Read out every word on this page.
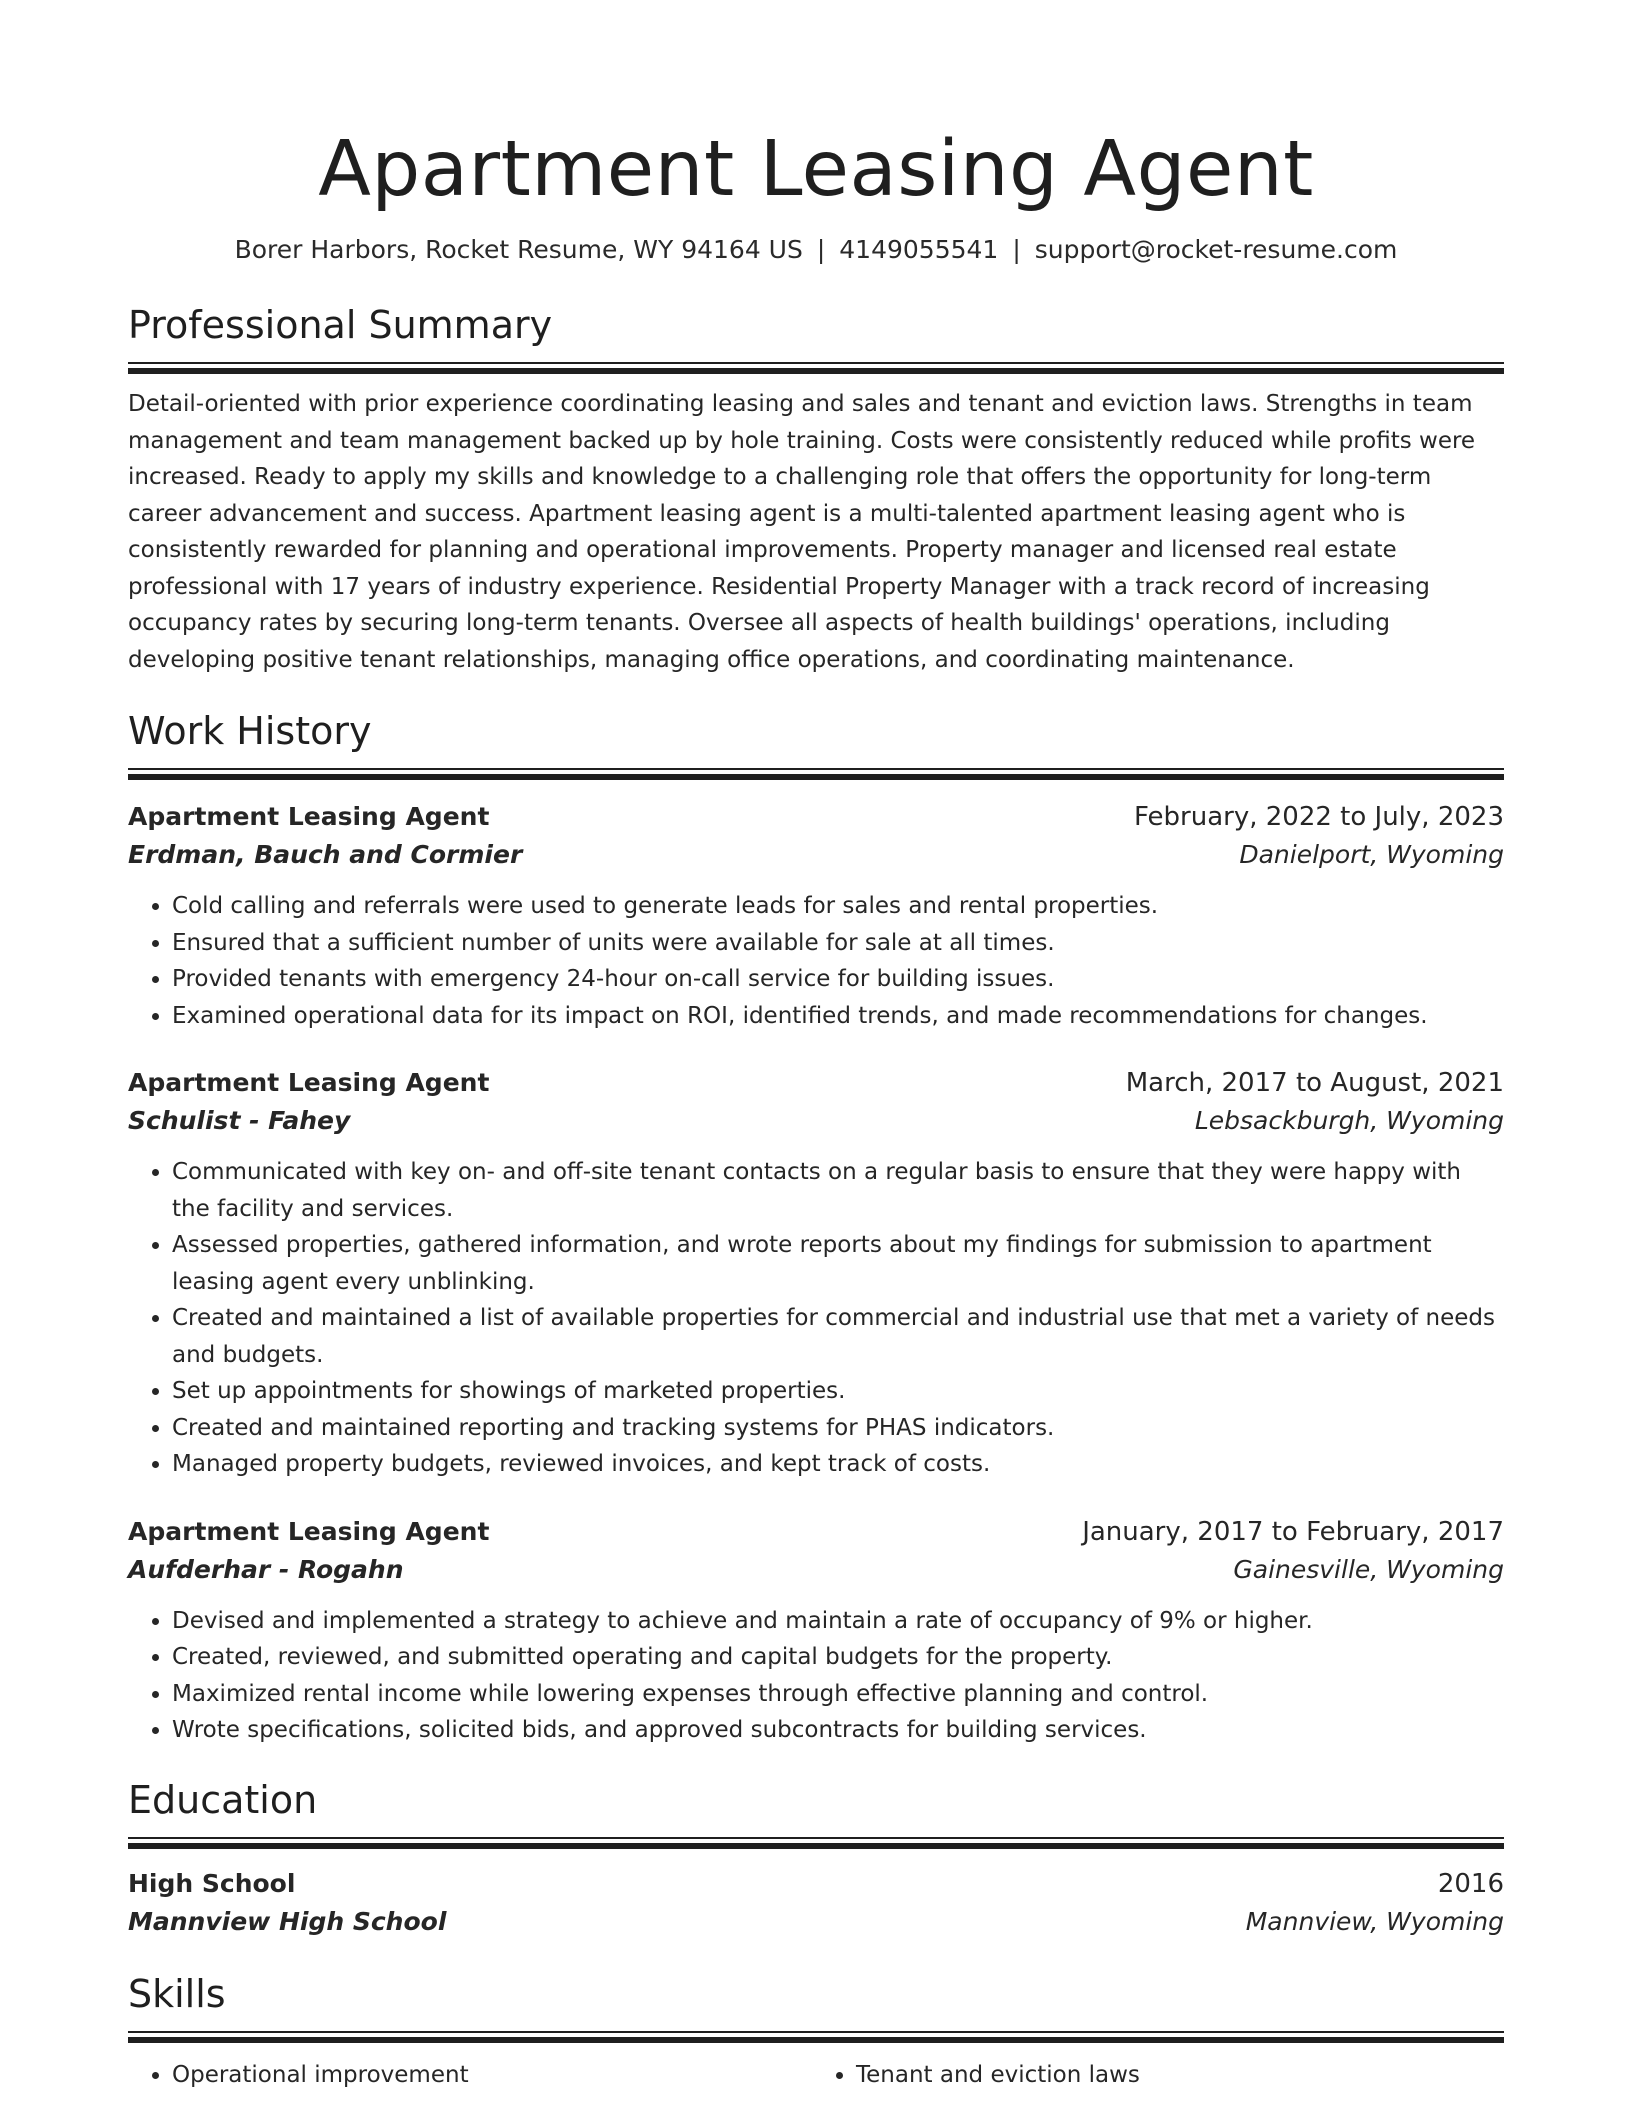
Apartment Leasing Agent
Borer Harbors, Rocket Resume, WY 94164 US | 4149055541 | support@rocket-resume.com
Professional Summary
Detail-oriented with prior experience coordinating leasing and sales and tenant and eviction laws. Strengths in team management and team management backed up by hole training. Costs were consistently reduced while profits were increased. Ready to apply my skills and knowledge to a challenging role that offers the opportunity for long-term career advancement and success. Apartment leasing agent is a multi-talented apartment leasing agent who is consistently rewarded for planning and operational improvements. Property manager and licensed real estate professional with 17 years of industry experience. Residential Property Manager with a track record of increasing occupancy rates by securing long-term tenants. Oversee all aspects of health buildings' operations, including developing positive tenant relationships, managing office operations, and coordinating maintenance.
Work History
Apartment Leasing Agent	February, 2022 to July, 2023
Erdman, Bauch and Cormier	Danielport, Wyoming
• Cold calling and referrals were used to generate leads for sales and rental properties.
• Ensured that a sufficient number of units were available for sale at all times.
• Provided tenants with emergency 24-hour on-call service for building issues.
• Examined operational data for its impact on ROI, identified trends, and made recommendations for changes.
Apartment Leasing Agent	March, 2017 to August, 2021
Schulist - Fahey	Lebsackburgh, Wyoming
• Communicated with key on- and off-site tenant contacts on a regular basis to ensure that they were happy with the facility and services.
• Assessed properties, gathered information, and wrote reports about my findings for submission to apartment leasing agent every unblinking.
• Created and maintained a list of available properties for commercial and industrial use that met a variety of needs and budgets.
• Set up appointments for showings of marketed properties.
• Created and maintained reporting and tracking systems for PHAS indicators.
• Managed property budgets, reviewed invoices, and kept track of costs.
Apartment Leasing Agent	January, 2017 to February, 2017
Aufderhar - Rogahn	Gainesville, Wyoming
• Devised and implemented a strategy to achieve and maintain a rate of occupancy of 9% or higher.
• Created, reviewed, and submitted operating and capital budgets for the property.
• Maximized rental income while lowering expenses through effective planning and control.
• Wrote specifications, solicited bids, and approved subcontracts for building services.
Education
High School	2016
Mannview High School	Mannview, Wyoming
Skills
• Operational improvement
•	Tenant and eviction laws
